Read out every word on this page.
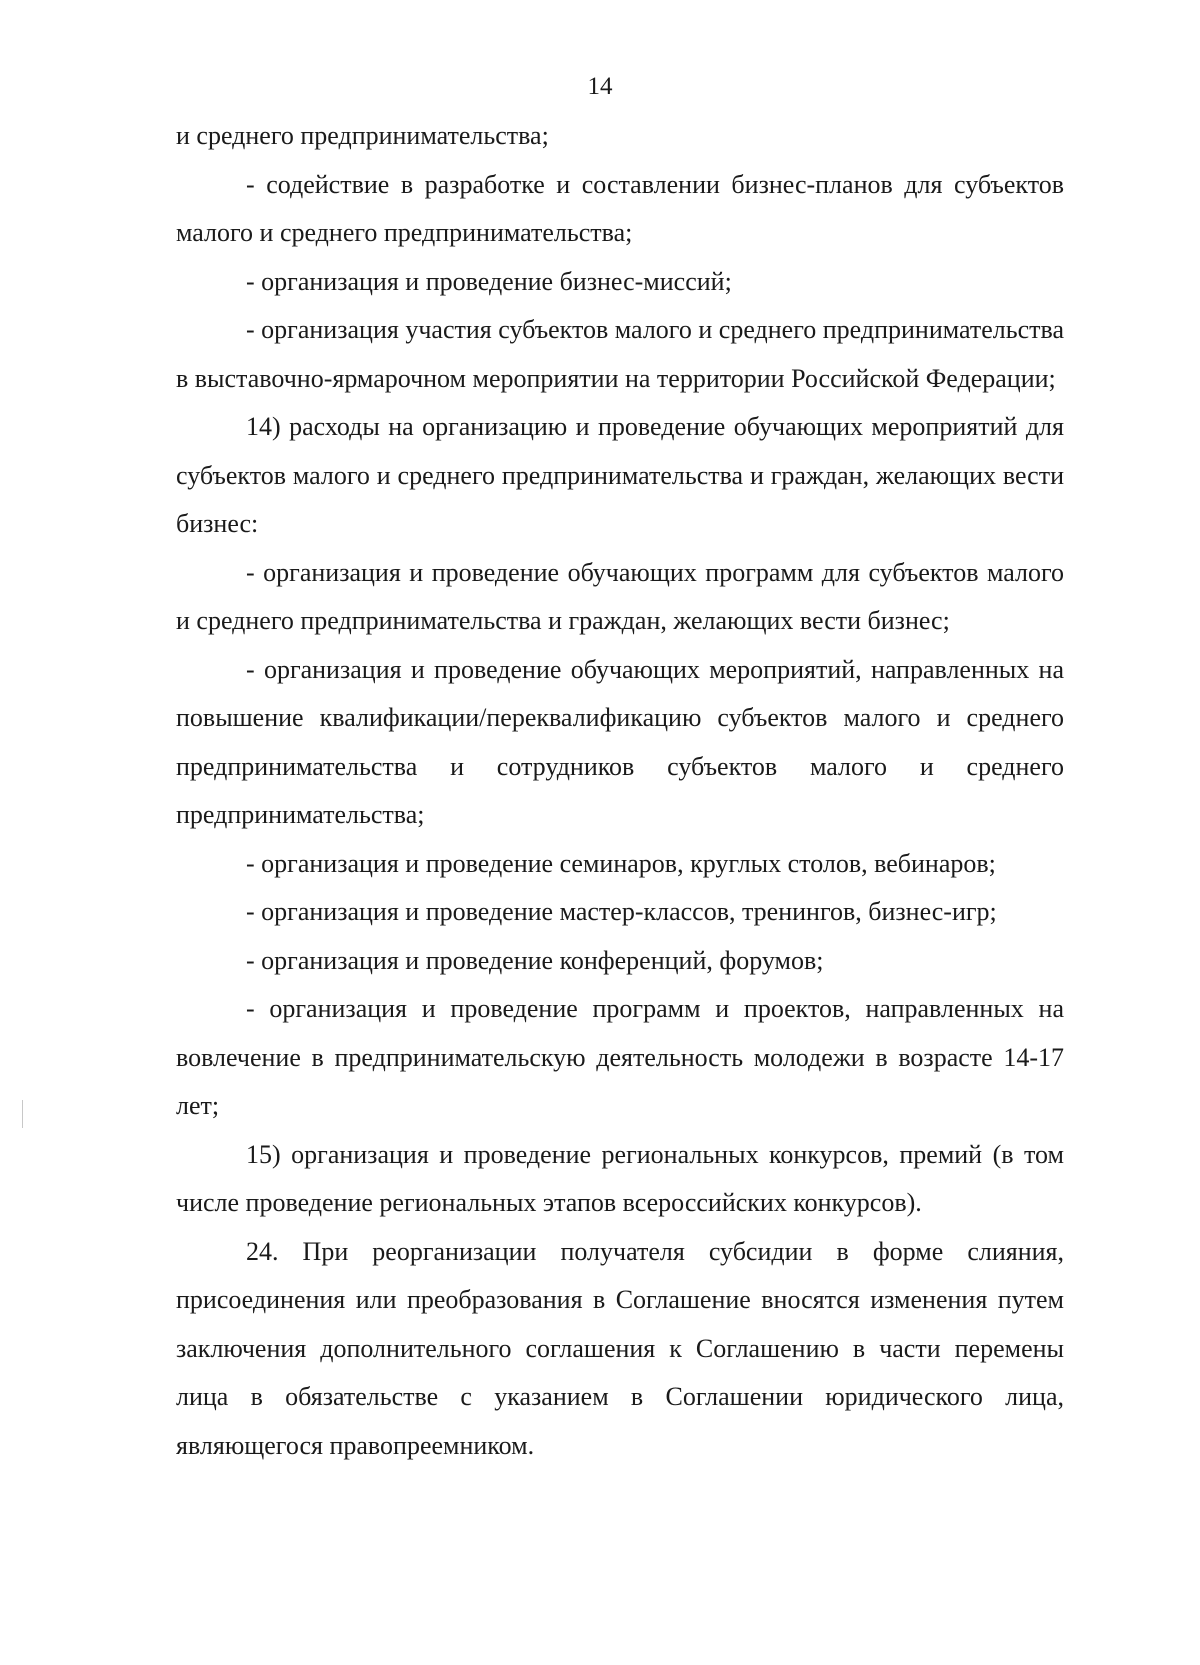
14

и среднего предпринимательства;

- содействие в разработке и составлении бизнес-планов для субъектов малого и среднего предпринимательства;

- организация и проведение бизнес-миссий;

- организация участия субъектов малого и среднего предпринимательства в выставочно-ярмарочном мероприятии на территории Российской Федерации;

14) расходы на организацию и проведение обучающих мероприятий для субъектов малого и среднего предпринимательства и граждан, желающих вести бизнес:

- организация и проведение обучающих программ для субъектов малого и среднего предпринимательства и граждан, желающих вести бизнес;

- организация и проведение обучающих мероприятий, направленных на повышение квалификации/переквалификацию субъектов малого и среднего предпринимательства и сотрудников субъектов малого и среднего предпринимательства;

- организация и проведение семинаров, круглых столов, вебинаров;

- организация и проведение мастер-классов, тренингов, бизнес-игр;

- организация и проведение конференций, форумов;

- организация и проведение программ и проектов, направленных на вовлечение в предпринимательскую деятельность молодежи в возрасте 14-17 лет;

15) организация и проведение региональных конкурсов, премий (в том числе проведение региональных этапов всероссийских конкурсов).

24. При реорганизации получателя субсидии в форме слияния, присоединения или преобразования в Соглашение вносятся изменения путем заключения дополнительного соглашения к Соглашению в части перемены лица в обязательстве с указанием в Соглашении юридического лица, являющегося правопреемником.
